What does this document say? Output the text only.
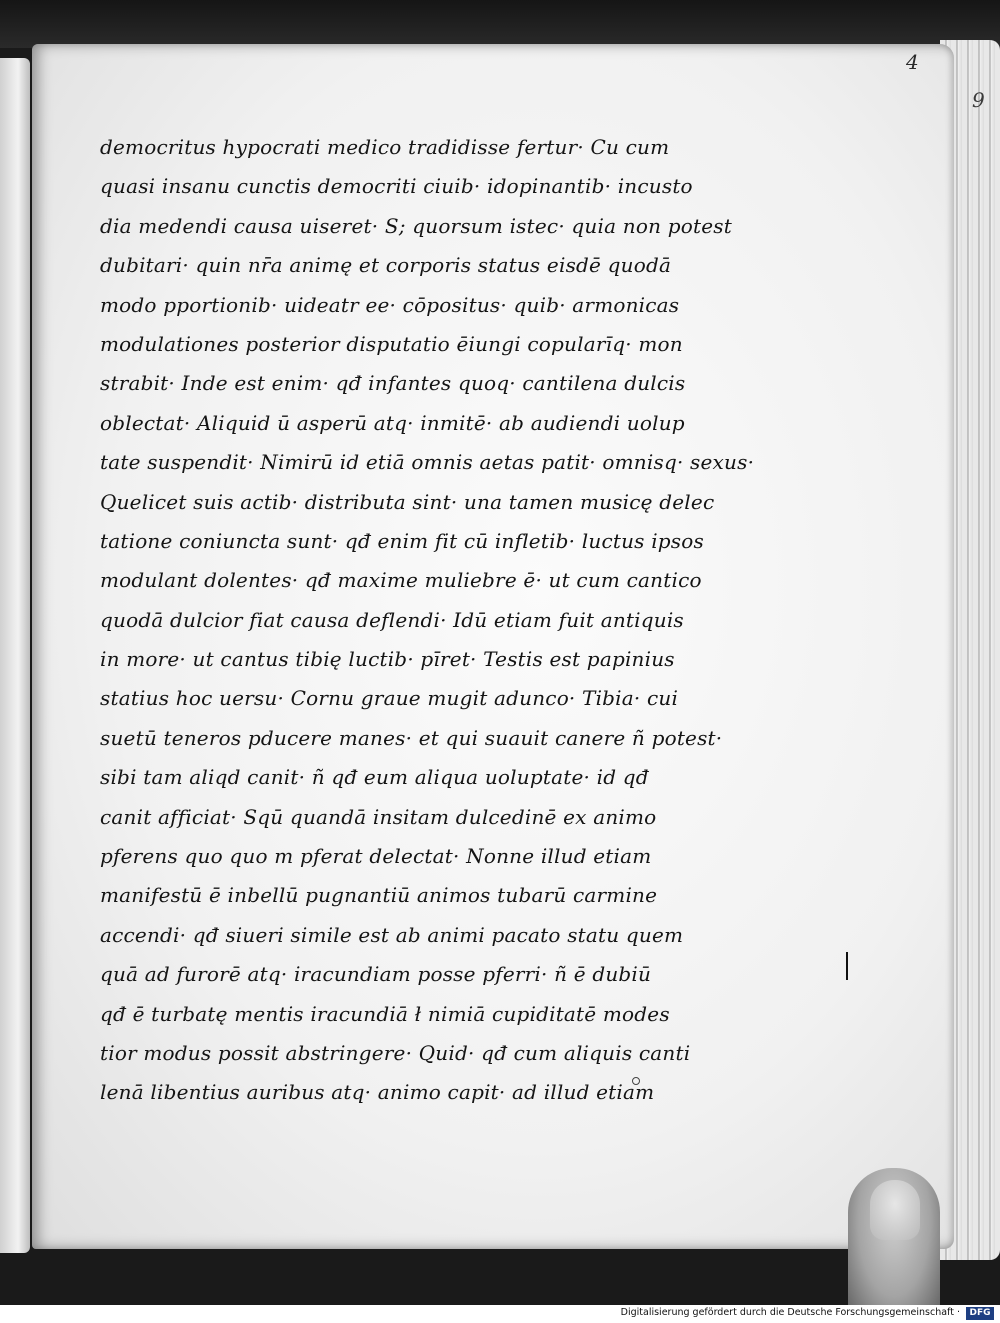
4
9
democritus hypocrati medico tradidisse fertur· Cu cum
quasi insanu cunctis democriti ciuib· idopinantib· incusto
dia medendi causa uiseret· S; quorsum istec· quia non potest
dubitari· quin nr̄a animę et corporis status eisdē quodā
modo pportionib· uideatr ee· cōpositus· quib· armonicas
modulationes posterior disputatio ēiungi copularīq· mon
strabit· Inde est enim· qđ infantes quoq· cantilena dulcis
oblectat· Aliquid ū asperū atq· inmitē· ab audiendi uolup
tate suspendit· Nimirū id etiā omnis aetas patit· omnisq· sexus·
Quelicet suis actib· distributa sint· una tamen musicę delec
tatione coniuncta sunt· qđ enim fit cū infletib· luctus ipsos
modulant dolentes· qđ maxime muliebre ē· ut cum cantico
quodā dulcior fiat causa deflendi· Idū etiam fuit antiquis
in more· ut cantus tibię luctib· pīret· Testis est papinius
statius hoc uersu· Cornu graue mugit adunco· Tibia· cui
suetū teneros pducere manes· et qui suauit canere ñ potest·
sibi tam aliqd canit· ñ qđ eum aliqua uoluptate· id qđ
canit afficiat· Sqū quandā insitam dulcedinē ex animo
pferens quo quo m pferat delectat· Nonne illud etiam
manifestū ē inbellū pugnantiū animos tubarū carmine
accendi· qđ siueri simile est ab animi pacato statu quem
quā ad furorē atq· iracundiam posse pferri· ñ ē dubiū
qđ ē turbatę mentis iracundiā ł nimiā cupiditatē modes
tior modus possit abstringere· Quid· qđ cum aliquis canti
lenā libentius auribus atq· animo capit· ad illud etiam
Digitalisierung gefördert durch die Deutsche Forschungsgemeinschaft ·	DFG
